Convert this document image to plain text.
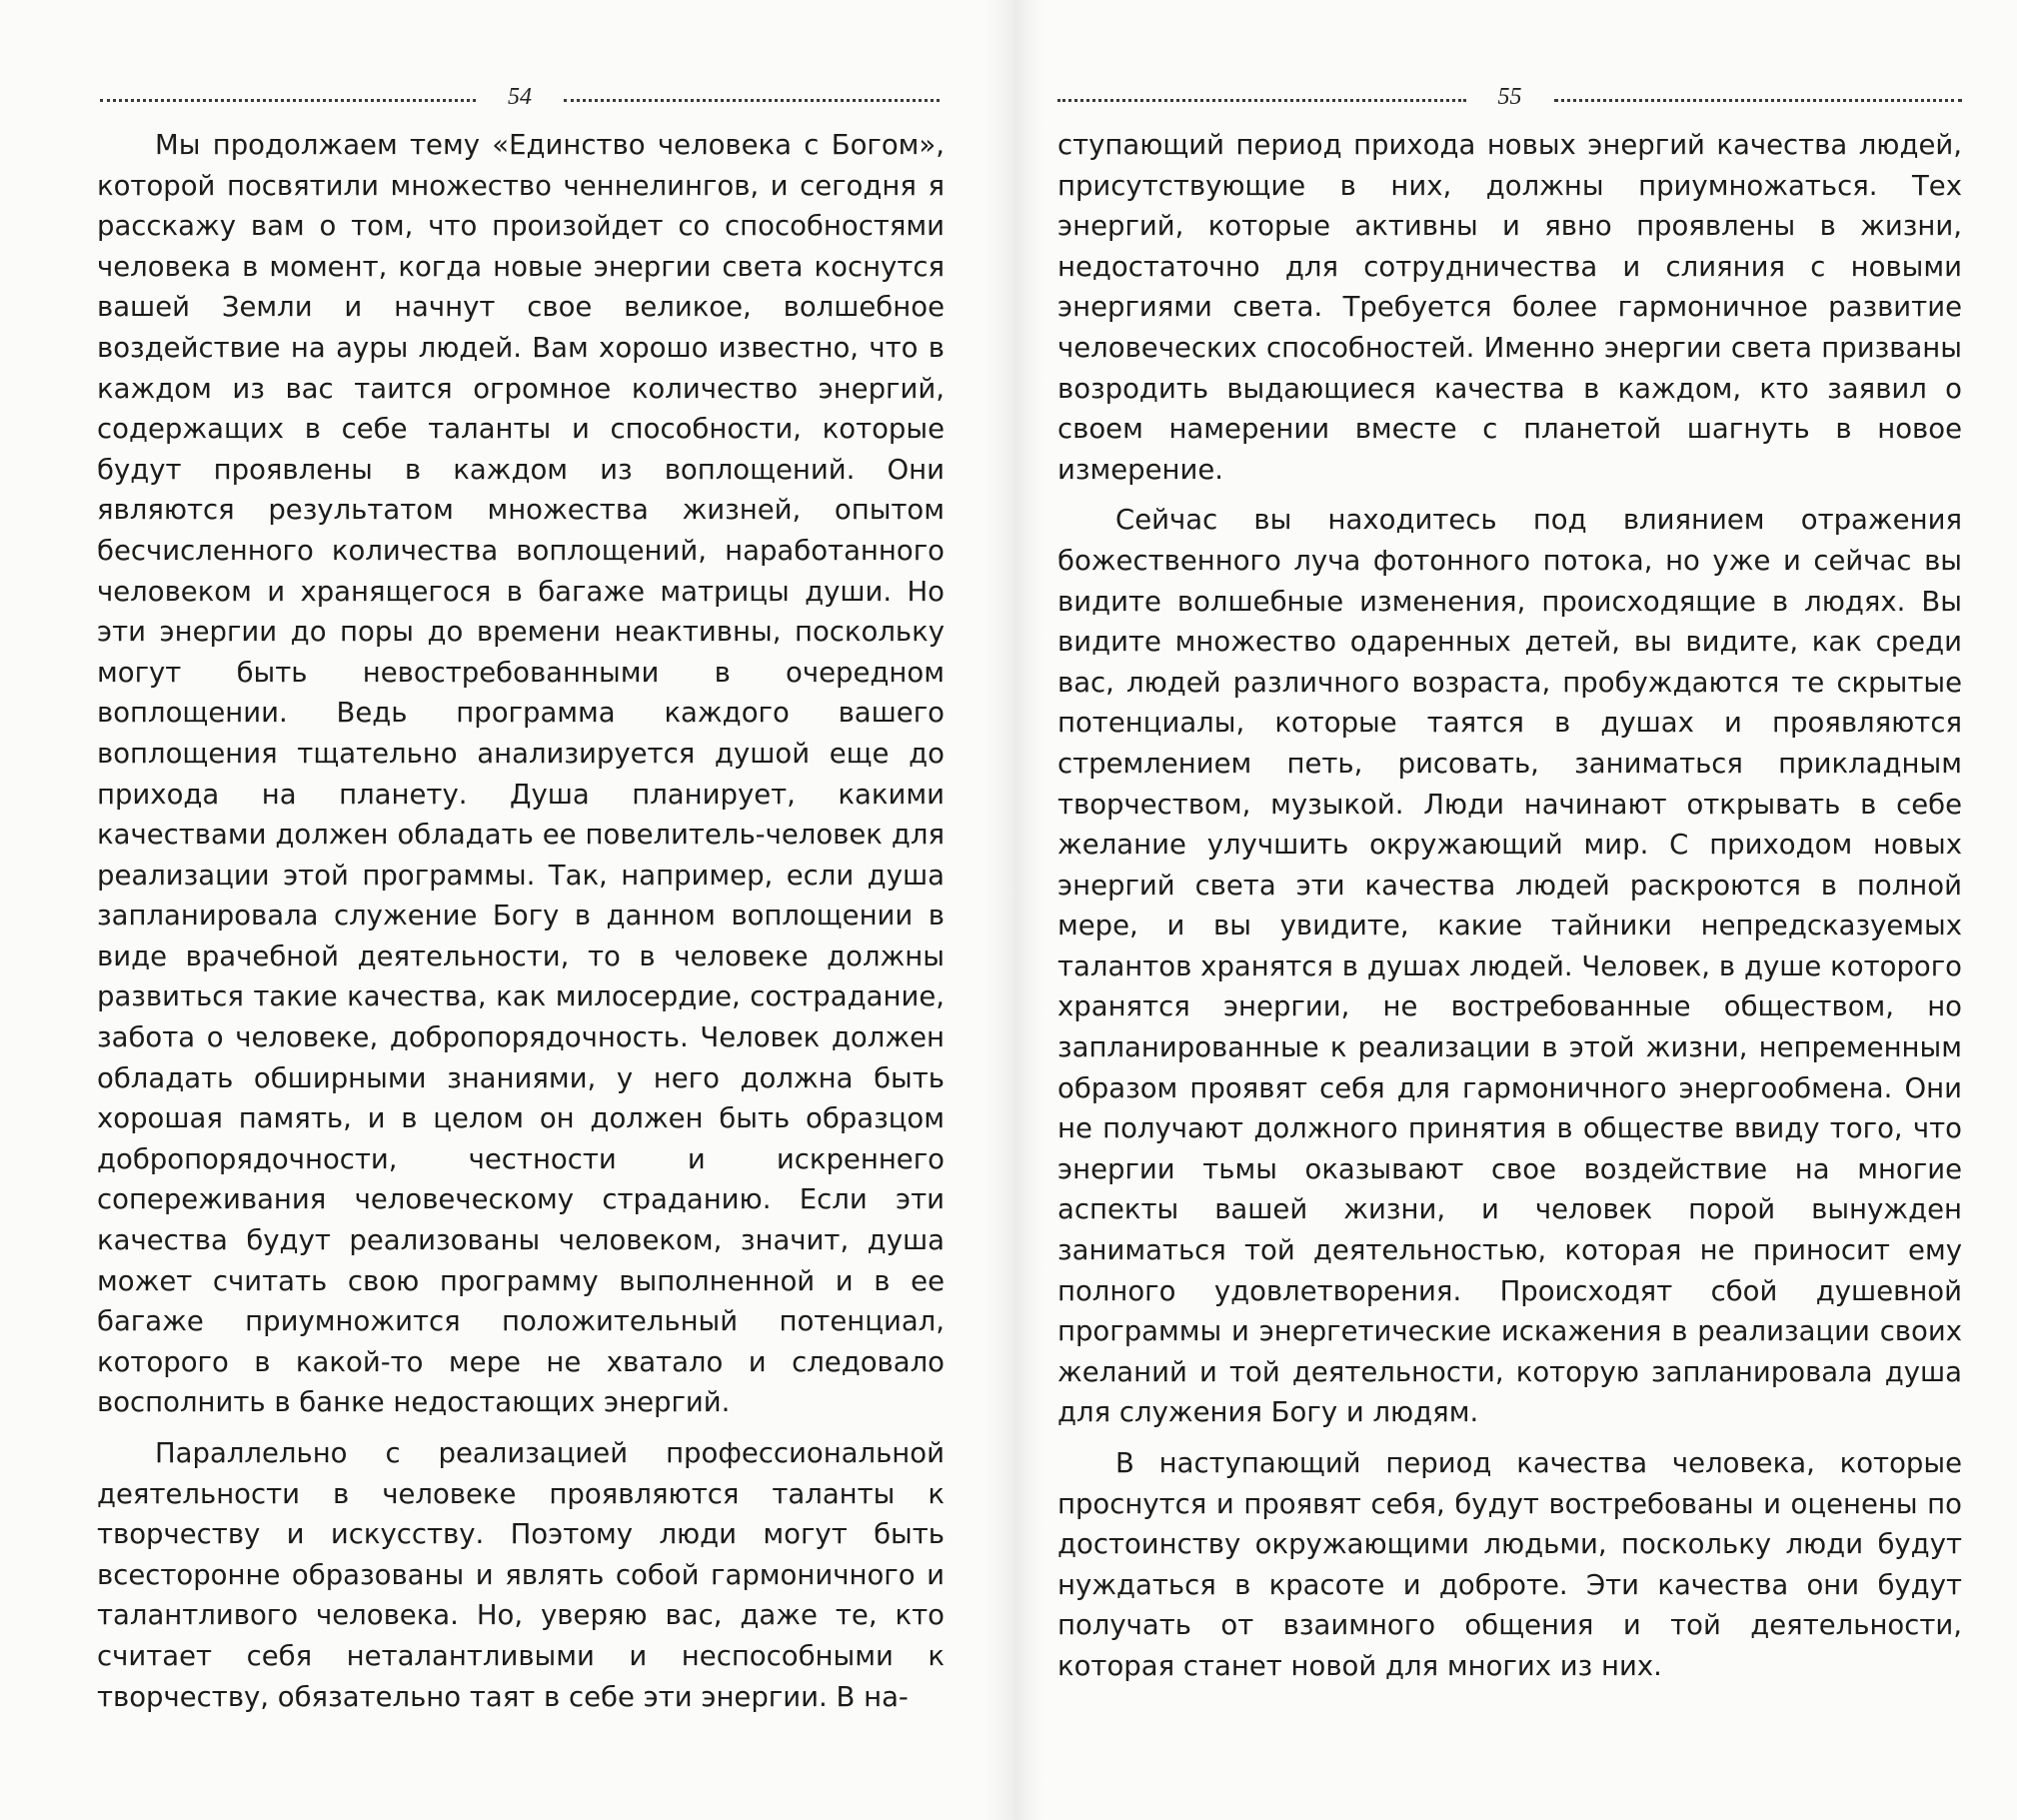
54

Мы продолжаем тему «Единство человека с Богом», которой посвятили множество ченнелингов, и сегодня я расскажу вам о том, что произойдет со способностями человека в момент, когда новые энергии света коснутся вашей Земли и начнут свое великое, волшебное воздействие на ауры людей. Вам хорошо известно, что в каждом из вас таится огромное количество энергий, содержащих в себе таланты и способности, которые будут проявлены в каждом из воплощений. Они являются результатом множества жизней, опытом бесчисленного количества воплощений, наработанного человеком и хранящегося в багаже матрицы души. Но эти энергии до поры до времени неактивны, поскольку могут быть невостребованными в очередном воплощении. Ведь программа каждого вашего воплощения тщательно анализируется душой еще до прихода на планету. Душа планирует, какими качествами должен обладать ее повелитель-человек для реализации этой программы. Так, например, если душа запланировала служение Богу в данном воплощении в виде врачебной деятельности, то в человеке должны развиться такие качества, как милосердие, сострадание, забота о человеке, добропорядочность. Человек должен обладать обширными знаниями, у него должна быть хорошая память, и в целом он должен быть образцом добропорядочности, честности и искреннего сопереживания человеческому страданию. Если эти качества будут реализованы человеком, значит, душа может считать свою программу выполненной и в ее багаже приумножится положительный потенциал, которого в какой-то мере не хватало и следовало восполнить в банке недостающих энергий.

Параллельно с реализацией профессиональной деятельности в человеке проявляются таланты к творчеству и искусству. Поэтому люди могут быть всесторонне образованы и являть собой гармоничного и талантливого человека. Но, уверяю вас, даже те, кто считает себя неталантливыми и неспособными к творчеству, обязательно таят в себе эти энергии. В на-

55

ступающий период прихода новых энергий качества людей, присутствующие в них, должны приумножаться. Тех энергий, которые активны и явно проявлены в жизни, недостаточно для сотрудничества и слияния с новыми энергиями света. Требуется более гармоничное развитие человеческих способностей. Именно энергии света призваны возродить выдающиеся качества в каждом, кто заявил о своем намерении вместе с планетой шагнуть в новое измерение.

Сейчас вы находитесь под влиянием отражения божественного луча фотонного потока, но уже и сейчас вы видите волшебные изменения, происходящие в людях. Вы видите множество одаренных детей, вы видите, как среди вас, людей различного возраста, пробуждаются те скрытые потенциалы, которые таятся в душах и проявляются стремлением петь, рисовать, заниматься прикладным творчеством, музыкой. Люди начинают открывать в себе желание улучшить окружающий мир. С приходом новых энергий света эти качества людей раскроются в полной мере, и вы увидите, какие тайники непредсказуемых талантов хранятся в душах людей. Человек, в душе которого хранятся энергии, не востребованные обществом, но запланированные к реализации в этой жизни, непременным образом проявят себя для гармоничного энергообмена. Они не получают должного принятия в обществе ввиду того, что энергии тьмы оказывают свое воздействие на многие аспекты вашей жизни, и человек порой вынужден заниматься той деятельностью, которая не приносит ему полного удовлетворения. Происходят сбой душевной программы и энергетические искажения в реализации своих желаний и той деятельности, которую запланировала душа для служения Богу и людям.

В наступающий период качества человека, которые проснутся и проявят себя, будут востребованы и оценены по достоинству окружающими людьми, поскольку люди будут нуждаться в красоте и доброте. Эти качества они будут получать от взаимного общения и той деятельности, которая станет новой для многих из них.
